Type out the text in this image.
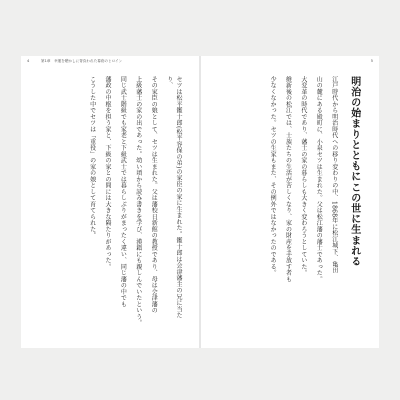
4	第1章　幸運を聴かしに背負われた幕府のヒロイン

セツは松平鑑十郎(松平容保の弟)の家臣の家に生まれた。鑑十郎は会津藩主の兄に当たり、

その家臣の娘として、セツは生まれた。父は藩校日新館の教授であり、母は会津藩の

上級藩士の家の出であった。幼い頃から読み書きを学び、漢籍にも親しんでいたという。

同じ武士階級でも家老と下級武士では暮らしぶりがまったく違い、同じ藩の中でも

藩政の中枢を担う家と、下級の家との間には大きな隔たりがあった。

こうした中でセツは「重役」の家の娘として育てられた。

5
明治の始まりとともにこの世に生まれる

江戸時代から明治時代への移り変わりの中、1868年に松江城下、亀田

山の麓にある殿町に、小泉セツは生まれた。父は松江藩の藩士であった。

大変革の時代であり、藩士の家の暮らしも大きく変わろうとしていた。

維新後の松江では、士族たちの生活が苦しくなり、家の財産を手放す者も

少なくなかった。セツの生家もまた、その例外ではなかったのである。
